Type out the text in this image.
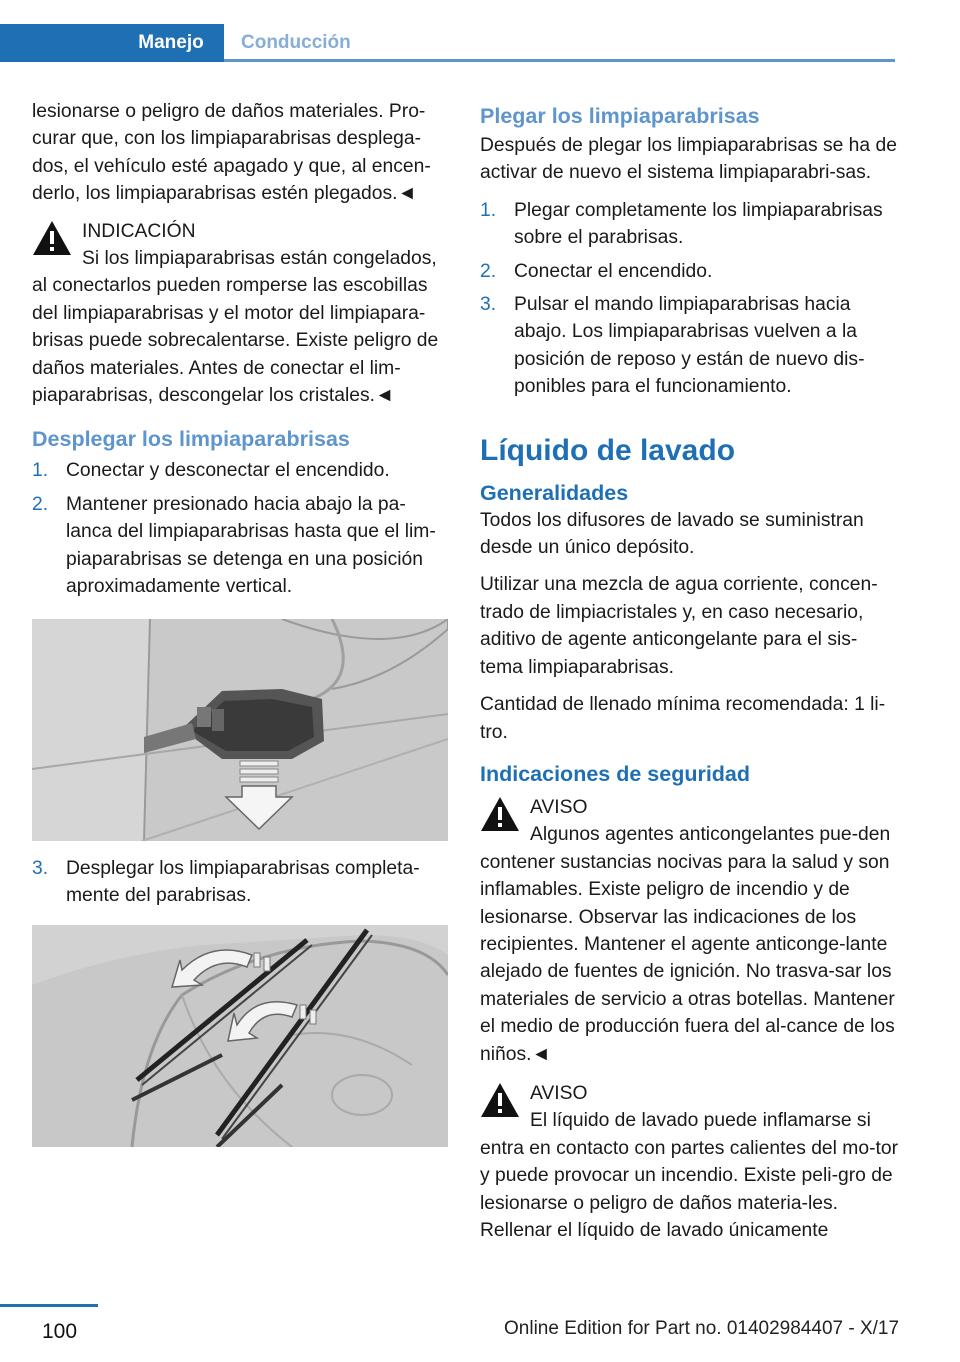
Manejo	Conducción

lesionarse o peligro de daños materiales. Pro-curar que, con los limpiaparabrisas desplega-dos, el vehículo esté apagado y que, al encen-derlo, los limpiaparabrisas estén plegados.◄

INDICACIÓN

Si los limpiaparabrisas están congelados, al conectarlos pueden romperse las escobillas del limpiaparabrisas y el motor del limpiapara-brisas puede sobrecalentarse. Existe peligro de daños materiales. Antes de conectar el lim-piaparabrisas, descongelar los cristales.◄

Desplegar los limpiaparabrisas
1. Conectar y desconectar el encendido.
2. Mantener presionado hacia abajo la pa-lanca del limpiaparabrisas hasta que el lim-piaparabrisas se detenga en una posición aproximadamente vertical.
3. Desplegar los limpiaparabrisas completa-mente del parabrisas.
Plegar los limpiaparabrisas

Después de plegar los limpiaparabrisas se ha de activar de nuevo el sistema limpiaparabri-sas.

1. Plegar completamente los limpiaparabrisas sobre el parabrisas.
2. Conectar el encendido.
3. Pulsar el mando limpiaparabrisas hacia abajo. Los limpiaparabrisas vuelven a la posición de reposo y están de nuevo dis-ponibles para el funcionamiento.
Líquido de lavado
Generalidades

Todos los difusores de lavado se suministran desde un único depósito.

Utilizar una mezcla de agua corriente, concen-trado de limpiacristales y, en caso necesario, aditivo de agente anticongelante para el sis-tema limpiaparabrisas.

Cantidad de llenado mínima recomendada: 1 li-tro.

Indicaciones de seguridad

AVISO

Algunos agentes anticongelantes pue-den contener sustancias nocivas para la salud y son inflamables. Existe peligro de incendio y de lesionarse. Observar las indicaciones de los recipientes. Mantener el agente anticonge-lante alejado de fuentes de ignición. No trasva-sar los materiales de servicio a otras botellas. Mantener el medio de producción fuera del al-cance de los niños.◄

AVISO

El líquido de lavado puede inflamarse si entra en contacto con partes calientes del mo-tor y puede provocar un incendio. Existe peli-gro de lesionarse o peligro de daños materia-les. Rellenar el líquido de lavado únicamente

100	Online Edition for Part no. 01402984407 - X/17
